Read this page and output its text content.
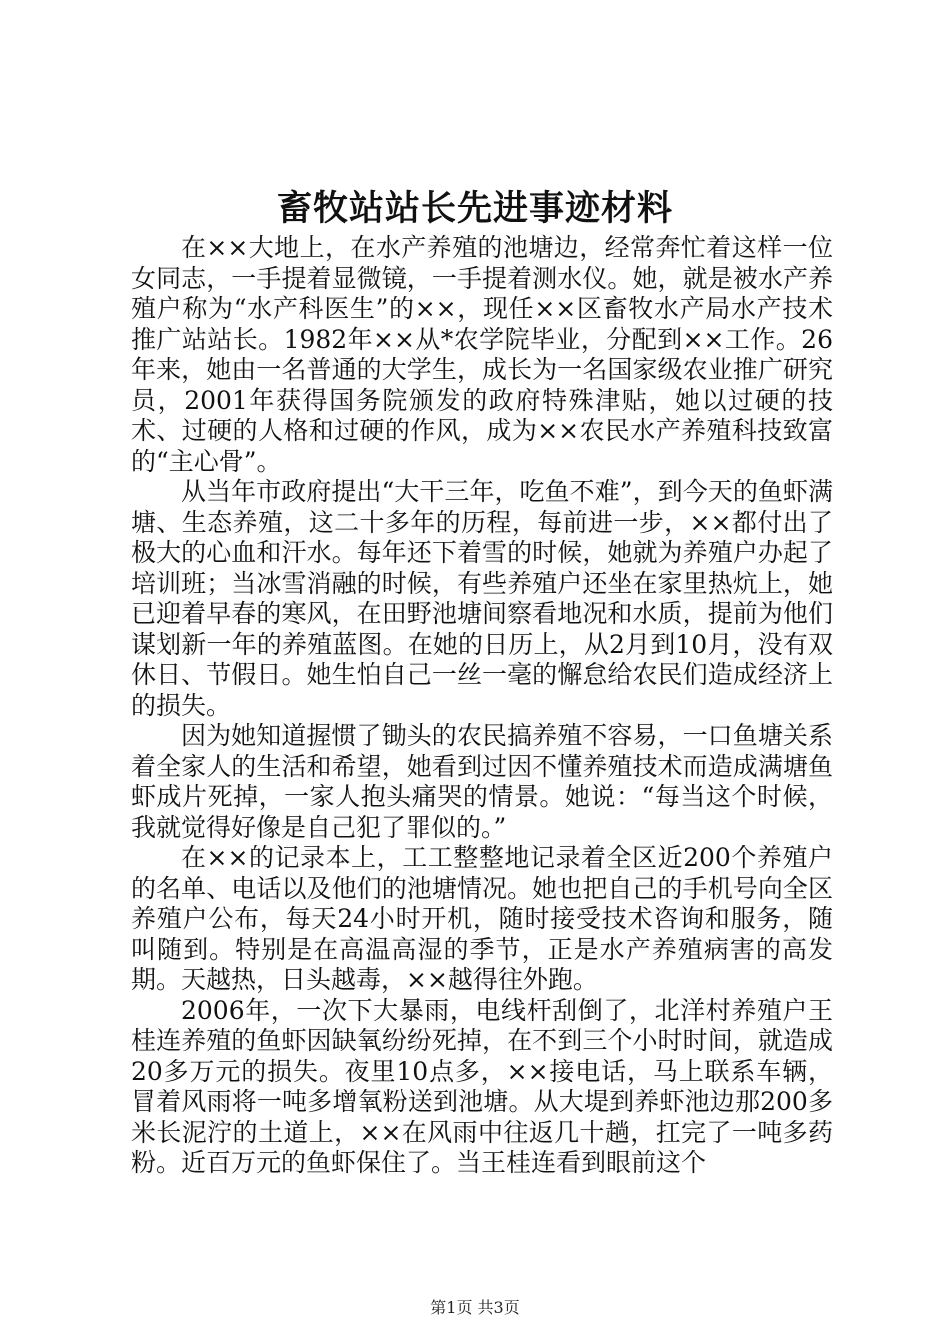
畜牧站站长先进事迹材料

在××大地上，在水产养殖的池塘边，经常奔忙着这样一位女同志，一手提着显微镜，一手提着测水仪。她，就是被水产养殖户称为“水产科医生”的××，现任××区畜牧水产局水产技术推广站站长。1982年××从*农学院毕业，分配到××工作。26年来，她由一名普通的大学生，成长为一名国家级农业推广研究员，2001年获得国务院颁发的政府特殊津贴，她以过硬的技术、过硬的人格和过硬的作风，成为××农民水产养殖科技致富的“主心骨”。

从当年市政府提出“大干三年，吃鱼不难”，到今天的鱼虾满塘、生态养殖，这二十多年的历程，每前进一步，××都付出了极大的心血和汗水。每年还下着雪的时候，她就为养殖户办起了培训班；当冰雪消融的时候，有些养殖户还坐在家里热炕上，她已迎着早春的寒风，在田野池塘间察看地况和水质，提前为他们谋划新一年的养殖蓝图。在她的日历上，从2月到10月，没有双休日、节假日。她生怕自己一丝一毫的懈怠给农民们造成经济上的损失。

因为她知道握惯了锄头的农民搞养殖不容易，一口鱼塘关系着全家人的生活和希望，她看到过因不懂养殖技术而造成满塘鱼虾成片死掉，一家人抱头痛哭的情景。她说：“每当这个时候，我就觉得好像是自己犯了罪似的。”

在××的记录本上，工工整整地记录着全区近200个养殖户的名单、电话以及他们的池塘情况。她也把自己的手机号向全区养殖户公布，每天24小时开机，随时接受技术咨询和服务，随叫随到。特别是在高温高湿的季节，正是水产养殖病害的高发期。天越热，日头越毒，××越得往外跑。

2006年，一次下大暴雨，电线杆刮倒了，北洋村养殖户王桂连养殖的鱼虾因缺氧纷纷死掉，在不到三个小时时间，就造成20多万元的损失。夜里10点多，××接电话，马上联系车辆，冒着风雨将一吨多增氧粉送到池塘。从大堤到养虾池边那200多米长泥泞的土道上，××在风雨中往返几十趟，扛完了一吨多药粉。近百万元的鱼虾保住了。当王桂连看到眼前这个

第1页 共3页
